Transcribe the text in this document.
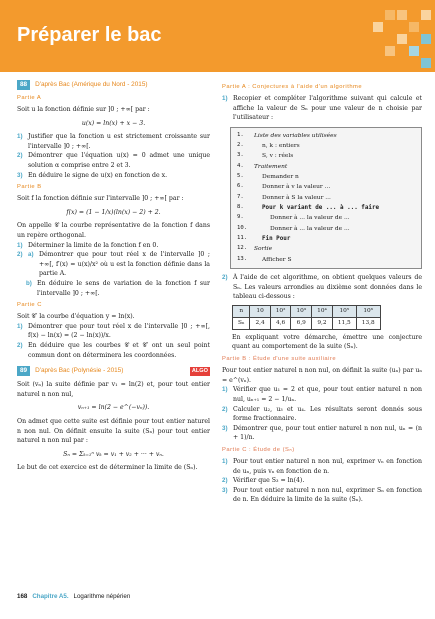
Préparer le bac
88	D'après Bac (Amérique du Nord - 2015)
Partie A

Soit u la fonction définie sur ]0 ; +∞[ par :

u(x) = ln(x) + x − 3.
1) Justifier que la fonction u est strictement croissante sur l'intervalle ]0 ; +∞[.

2) Démontrer que l'équation u(x) = 0 admet une unique solution α comprise entre 2 et 3.

3) En déduire le signe de u(x) en fonction de x.

Partie B

Soit f la fonction définie sur l'intervalle ]0 ; +∞[ par :

f(x) = (1 − 1/x)(ln(x) − 2) + 2.

On appelle 𝒞 la courbe représentative de la fonction f dans un repère orthogonal.

1) Déterminer la limite de la fonction f en 0.

2) a) Démontrer que pour tout réel x de l'intervalle ]0 ; +∞[, f′(x) = u(x)/x² où u est la fonction définie dans la partie A.

b) En déduire le sens de variation de la fonction f sur l'intervalle ]0 ; +∞[.

Partie C

Soit 𝒞′ la courbe d'équation y = ln(x).

1) Démontrer que pour tout réel x de l'intervalle ]0 ; +∞[, f(x) − ln(x) = (2 − ln(x))/x.

2) En déduire que les courbes 𝒞 et 𝒞′ ont un seul point commun dont on déterminera les coordonnées.

89	D'après Bac (Polynésie - 2015)	ALGO

Soit (vₙ) la suite définie par v₁ = ln(2) et, pour tout entier naturel n non nul,

vₙ₊₁ = ln(2 − e^(−vₙ)).

On admet que cette suite est définie pour tout entier naturel n non nul. On définit ensuite la suite (Sₙ) pour tout entier naturel n non nul par :

Sₙ = Σₖ₌₁ⁿ vₖ = v₁ + v₂ + ··· + vₙ.

Le but de cet exercice est de déterminer la limite de (Sₙ).

Partie A : Conjectures à l'aide d'un algorithme
1) Recopier et compléter l'algorithme suivant qui calcule et affiche la valeur de Sₙ pour une valeur de n choisie par l'utilisateur :

1.	Liste des variables utilisées
2.	n, k : entiers
3.	S, v : réels
4.	Traitement
5.	Demander n
6.	Donner à v la valeur ...
7.	Donner à S la valeur ...
8.	Pour k variant de ... à ... faire
9.	Donner à ... la valeur de ...
10.	Donner à ... la valeur de ...
11.	Fin Pour
12.	Sortie
13.	Afficher S
2) À l'aide de cet algorithme, on obtient quelques valeurs de Sₙ. Les valeurs arrondies au dixième sont données dans le tableau ci-dessous :

n	10	10²	10³	10⁴	10⁵	10⁶
Sₙ	2,4	4,6	6,9	9,2	11,5	13,8

En expliquant votre démarche, émettre une conjecture quant au comportement de la suite (Sₙ).

Partie B : Étude d'une suite auxiliaire

Pour tout entier naturel n non nul, on définit la suite (uₙ) par uₙ = e^(vₙ).

1) Vérifier que u₁ = 2 et que, pour tout entier naturel n non nul, uₙ₊₁ = 2 − 1/uₙ.

2) Calculer u₂, u₃ et u₄. Les résultats seront donnés sous forme fractionnaire.

3) Démontrer que, pour tout entier naturel n non nul, uₙ = (n + 1)/n.

Partie C : Étude de (Sₙ)
1) Pour tout entier naturel n non nul, exprimer vₙ en fonction de uₙ, puis vₙ en fonction de n.

2) Vérifier que S₃ = ln(4).

3) Pour tout entier naturel n non nul, exprimer Sₙ en fonction de n. En déduire la limite de la suite (Sₙ).

168 Chapitre A5. Logarithme népérien
